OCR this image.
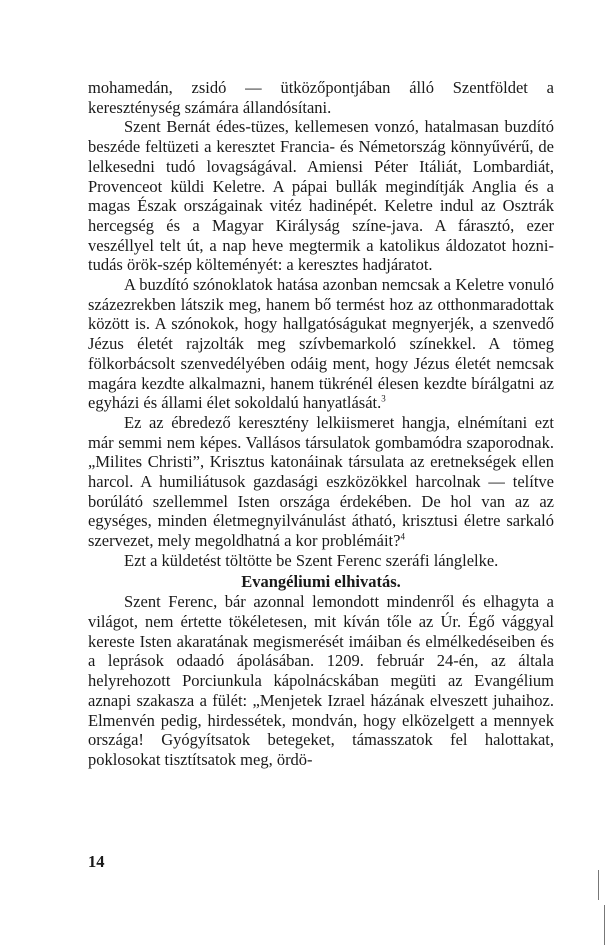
mohamedán, zsidó — ütközőpontjában álló Szentföldet a kereszténység számára állandósítani.

Szent Bernát édes-tüzes, kellemesen vonzó, hatalmasan buzdító beszéde feltüzeti a keresztet Francia- és Németország könnyűvérű, de lelkesedni tudó lovagságával. Amiensi Péter Itáliát, Lombardiát, Provenceot küldi Keletre. A pápai bullák megindítják Anglia és a magas Észak országainak vitéz hadinépét. Keletre indul az Osztrák hercegség és a Magyar Királyság színe-java. A fárasztó, ezer veszéllyel telt út, a nap heve megtermik a katolikus áldozatot hozni-tudás örök-szép költeményét: a keresztes hadjáratot.

A buzdító szónoklatok hatása azonban nemcsak a Keletre vonuló százezrekben látszik meg, hanem bő termést hoz az otthonmaradottak között is. A szónokok, hogy hallgatóságukat megnyerjék, a szenvedő Jézus életét rajzolták meg szívbemarkoló színekkel. A tömeg fölkorbácsolt szenvedélyében odáig ment, hogy Jézus életét nemcsak magára kezdte alkalmazni, hanem tükrénél élesen kezdte bírálgatni az egyházi és állami élet sokoldalú hanyatlását.$^3$

Ez az ébredező keresztény lelkiismeret hangja, elnémítani ezt már semmi nem képes. Vallásos társulatok gombamódra szaporodnak. „Milites Christi”, Krisztus katonáinak társulata az eretnekségek ellen harcol. A humiliátusok gazdasági eszközökkel harcolnak — telítve borúlátó szellemmel Isten országa érdekében. De hol van az az egységes, minden életmegnyilvánulást átható, krisztusi életre sarkaló szervezet, mely megoldhatná a kor problémáit?$^4$

Ezt a küldetést töltötte be Szent Ferenc szeráfi lánglelke.

Evangéliumi elhivatás.

Szent Ferenc, bár azonnal lemondott mindenről és elhagyta a világot, nem értette tökéletesen, mit kíván tőle az Úr. Égő vággyal kereste Isten akaratának megismerését imáiban és elmélkedéseiben és a leprások odaadó ápolásában. 1209. február 24-én, az általa helyrehozott Porciunkula kápolnácskában megüti az Evangélium aznapi szakasza a fülét: „Menjetek Izrael házának elveszett juhaihoz. Elmenvén pedig, hirdessétek, mondván, hogy elközelgett a mennyek országa! Gyógyítsatok betegeket, támasszatok fel halottakat, poklosokat tisztítsatok meg, ördö-

14
